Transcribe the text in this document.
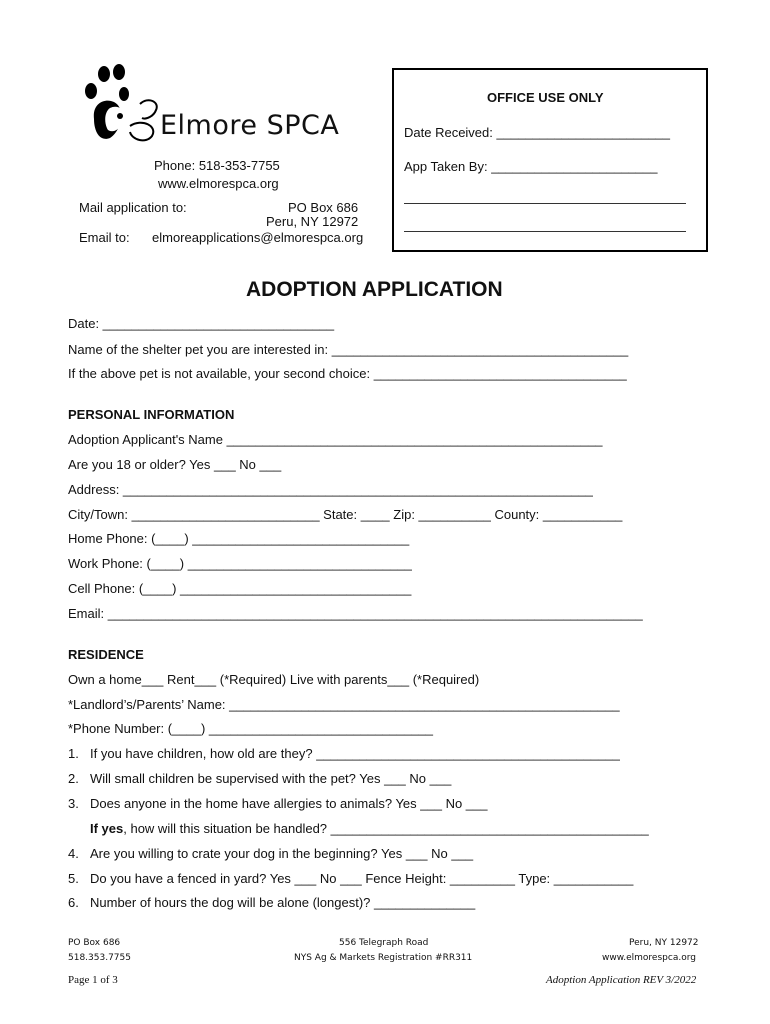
Elmore SPCA
Phone: 518-353-7755
www.elmorespca.org
Mail application to:	PO Box 686
Peru, NY 12972
Email to: elmoreapplications@elmorespca.org
OFFICE USE ONLY
Date Received: ________________________
App Taken By: _______________________
ADOPTION APPLICATION
Date: ________________________________
Name of the shelter pet you are interested in: _________________________________________
If the above pet is not available, your second choice: ___________________________________
PERSONAL INFORMATION
Adoption Applicant's Name ____________________________________________________
Are you 18 or older? Yes ___ No ___
Address: _________________________________________________________________
City/Town: __________________________ State: ____ Zip: __________ County: ___________
Home Phone: (____) ______________________________
Work Phone: (____) _______________________________
Cell Phone: (____) ________________________________
Email: __________________________________________________________________________
RESIDENCE
Own a home___ Rent___ (*Required) Live with parents___ (*Required)
*Landlord’s/Parents’ Name: ______________________________________________________
*Phone Number: (____) _______________________________
1. If you have children, how old are they? __________________________________________
2. Will small children be supervised with the pet? Yes ___ No ___
3. Does anyone in the home have allergies to animals? Yes ___ No ___
If yes, how will this situation be handled? ____________________________________________
4. Are you willing to crate your dog in the beginning? Yes ___ No ___
5. Do you have a fenced in yard? Yes ___ No ___ Fence Height: _________ Type: ___________
6. Number of hours the dog will be alone (longest)? ______________
PO Box 686
518.353.7755
556 Telegraph Road
NYS Ag & Markets Registration #RR311
Peru, NY 12972
www.elmorespca.org
Page 1 of 3	Adoption Application REV 3/2022
